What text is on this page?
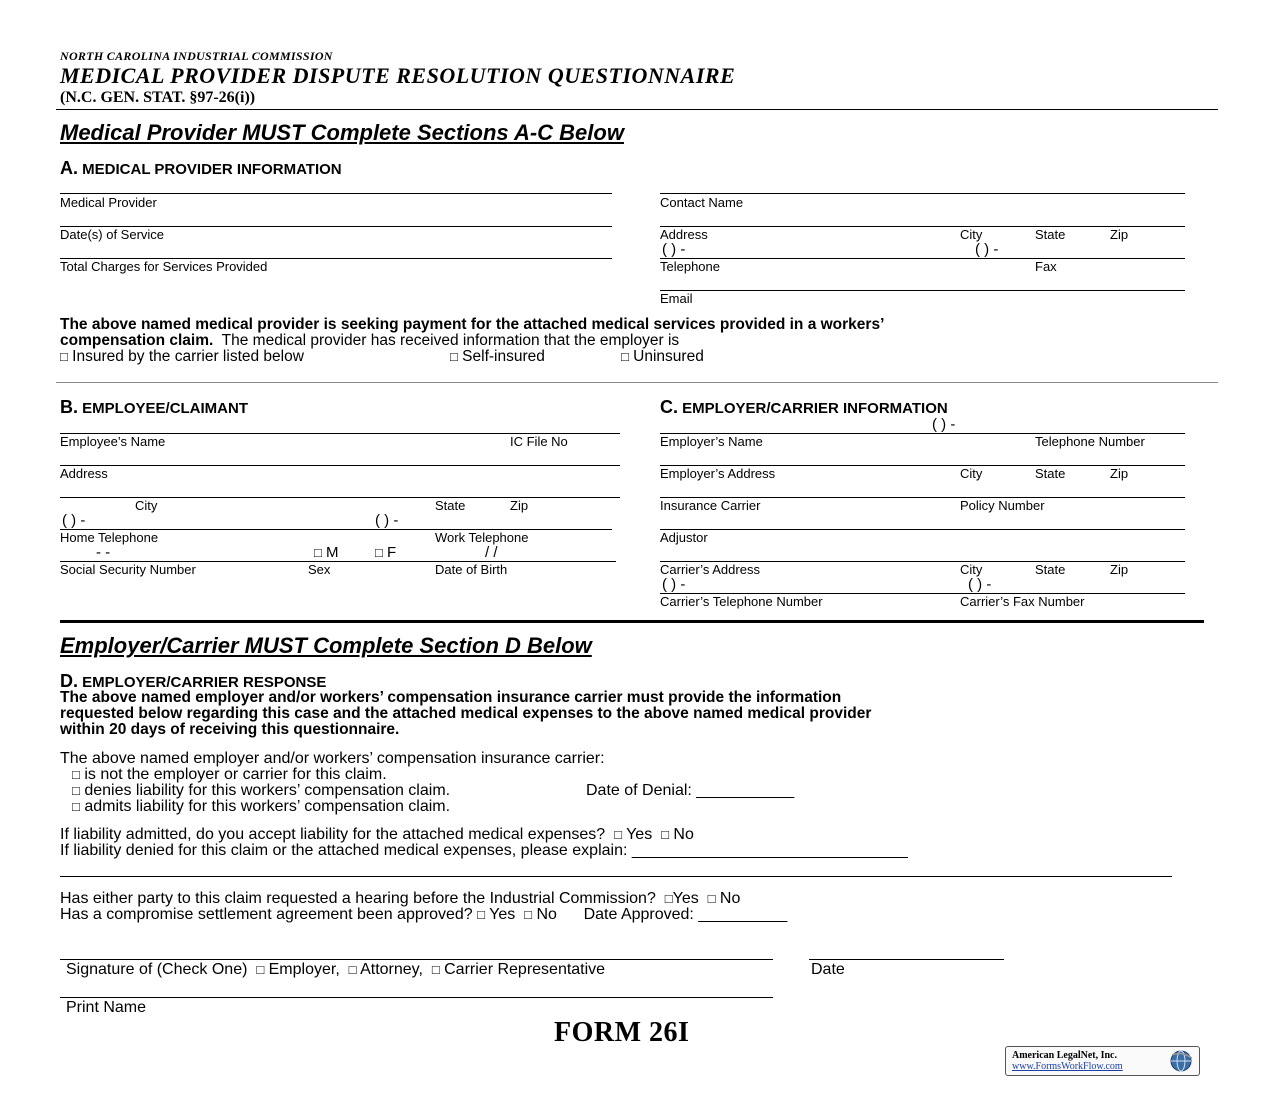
NORTH CAROLINA INDUSTRIAL COMMISSION
MEDICAL PROVIDER DISPUTE RESOLUTION QUESTIONNAIRE
(N.C. GEN. STAT. §97-26(i))
Medical Provider MUST Complete Sections A-C Below
A. MEDICAL PROVIDER INFORMATION
Medical Provider
Date(s) of Service
Total Charges for Services Provided
Contact Name
Address	City	State	Zip
( ) -	( ) -
Telephone	Fax
Email
The above named medical provider is seeking payment for the attached medical services provided in a workers’
compensation claim. The medical provider has received information that the employer is
□ Insured by the carrier listed below	□ Self-insured	□ Uninsured
B. EMPLOYEE/CLAIMANT
Employee’s Name	IC File No
Address
City	State	Zip
( ) -	( ) -
Home Telephone	Work Telephone
- -	□ M	□ F	/ /
Social Security Number	Sex	Date of Birth
C. EMPLOYER/CARRIER INFORMATION
( ) -
Employer’s Name	Telephone Number
Employer’s Address	City	State	Zip
Insurance Carrier	Policy Number
Adjustor
Carrier’s Address	City	State	Zip
( ) -	( ) -
Carrier’s Telephone Number	Carrier’s Fax Number
Employer/Carrier MUST Complete Section D Below
D. EMPLOYER/CARRIER RESPONSE
The above named employer and/or workers’ compensation insurance carrier must provide the information
requested below regarding this case and the attached medical expenses to the above named medical provider
within 20 days of receiving this questionnaire.
The above named employer and/or workers’ compensation insurance carrier:
□ is not the employer or carrier for this claim.
□ denies liability for this workers’ compensation claim.	Date of Denial: ___________
□ admits liability for this workers’ compensation claim.
If liability admitted, do you accept liability for the attached medical expenses? □ Yes □ No
If liability denied for this claim or the attached medical expenses, please explain: _______________________________
Has either party to this claim requested a hearing before the Industrial Commission? □Yes □ No
Has a compromise settlement agreement been approved? □ Yes □ No Date Approved: __________
Signature of (Check One) □ Employer, □ Attorney, □ Carrier Representative	Date
Print Name
FORM 26I
American LegalNet, Inc.
www.FormsWorkFlow.com
